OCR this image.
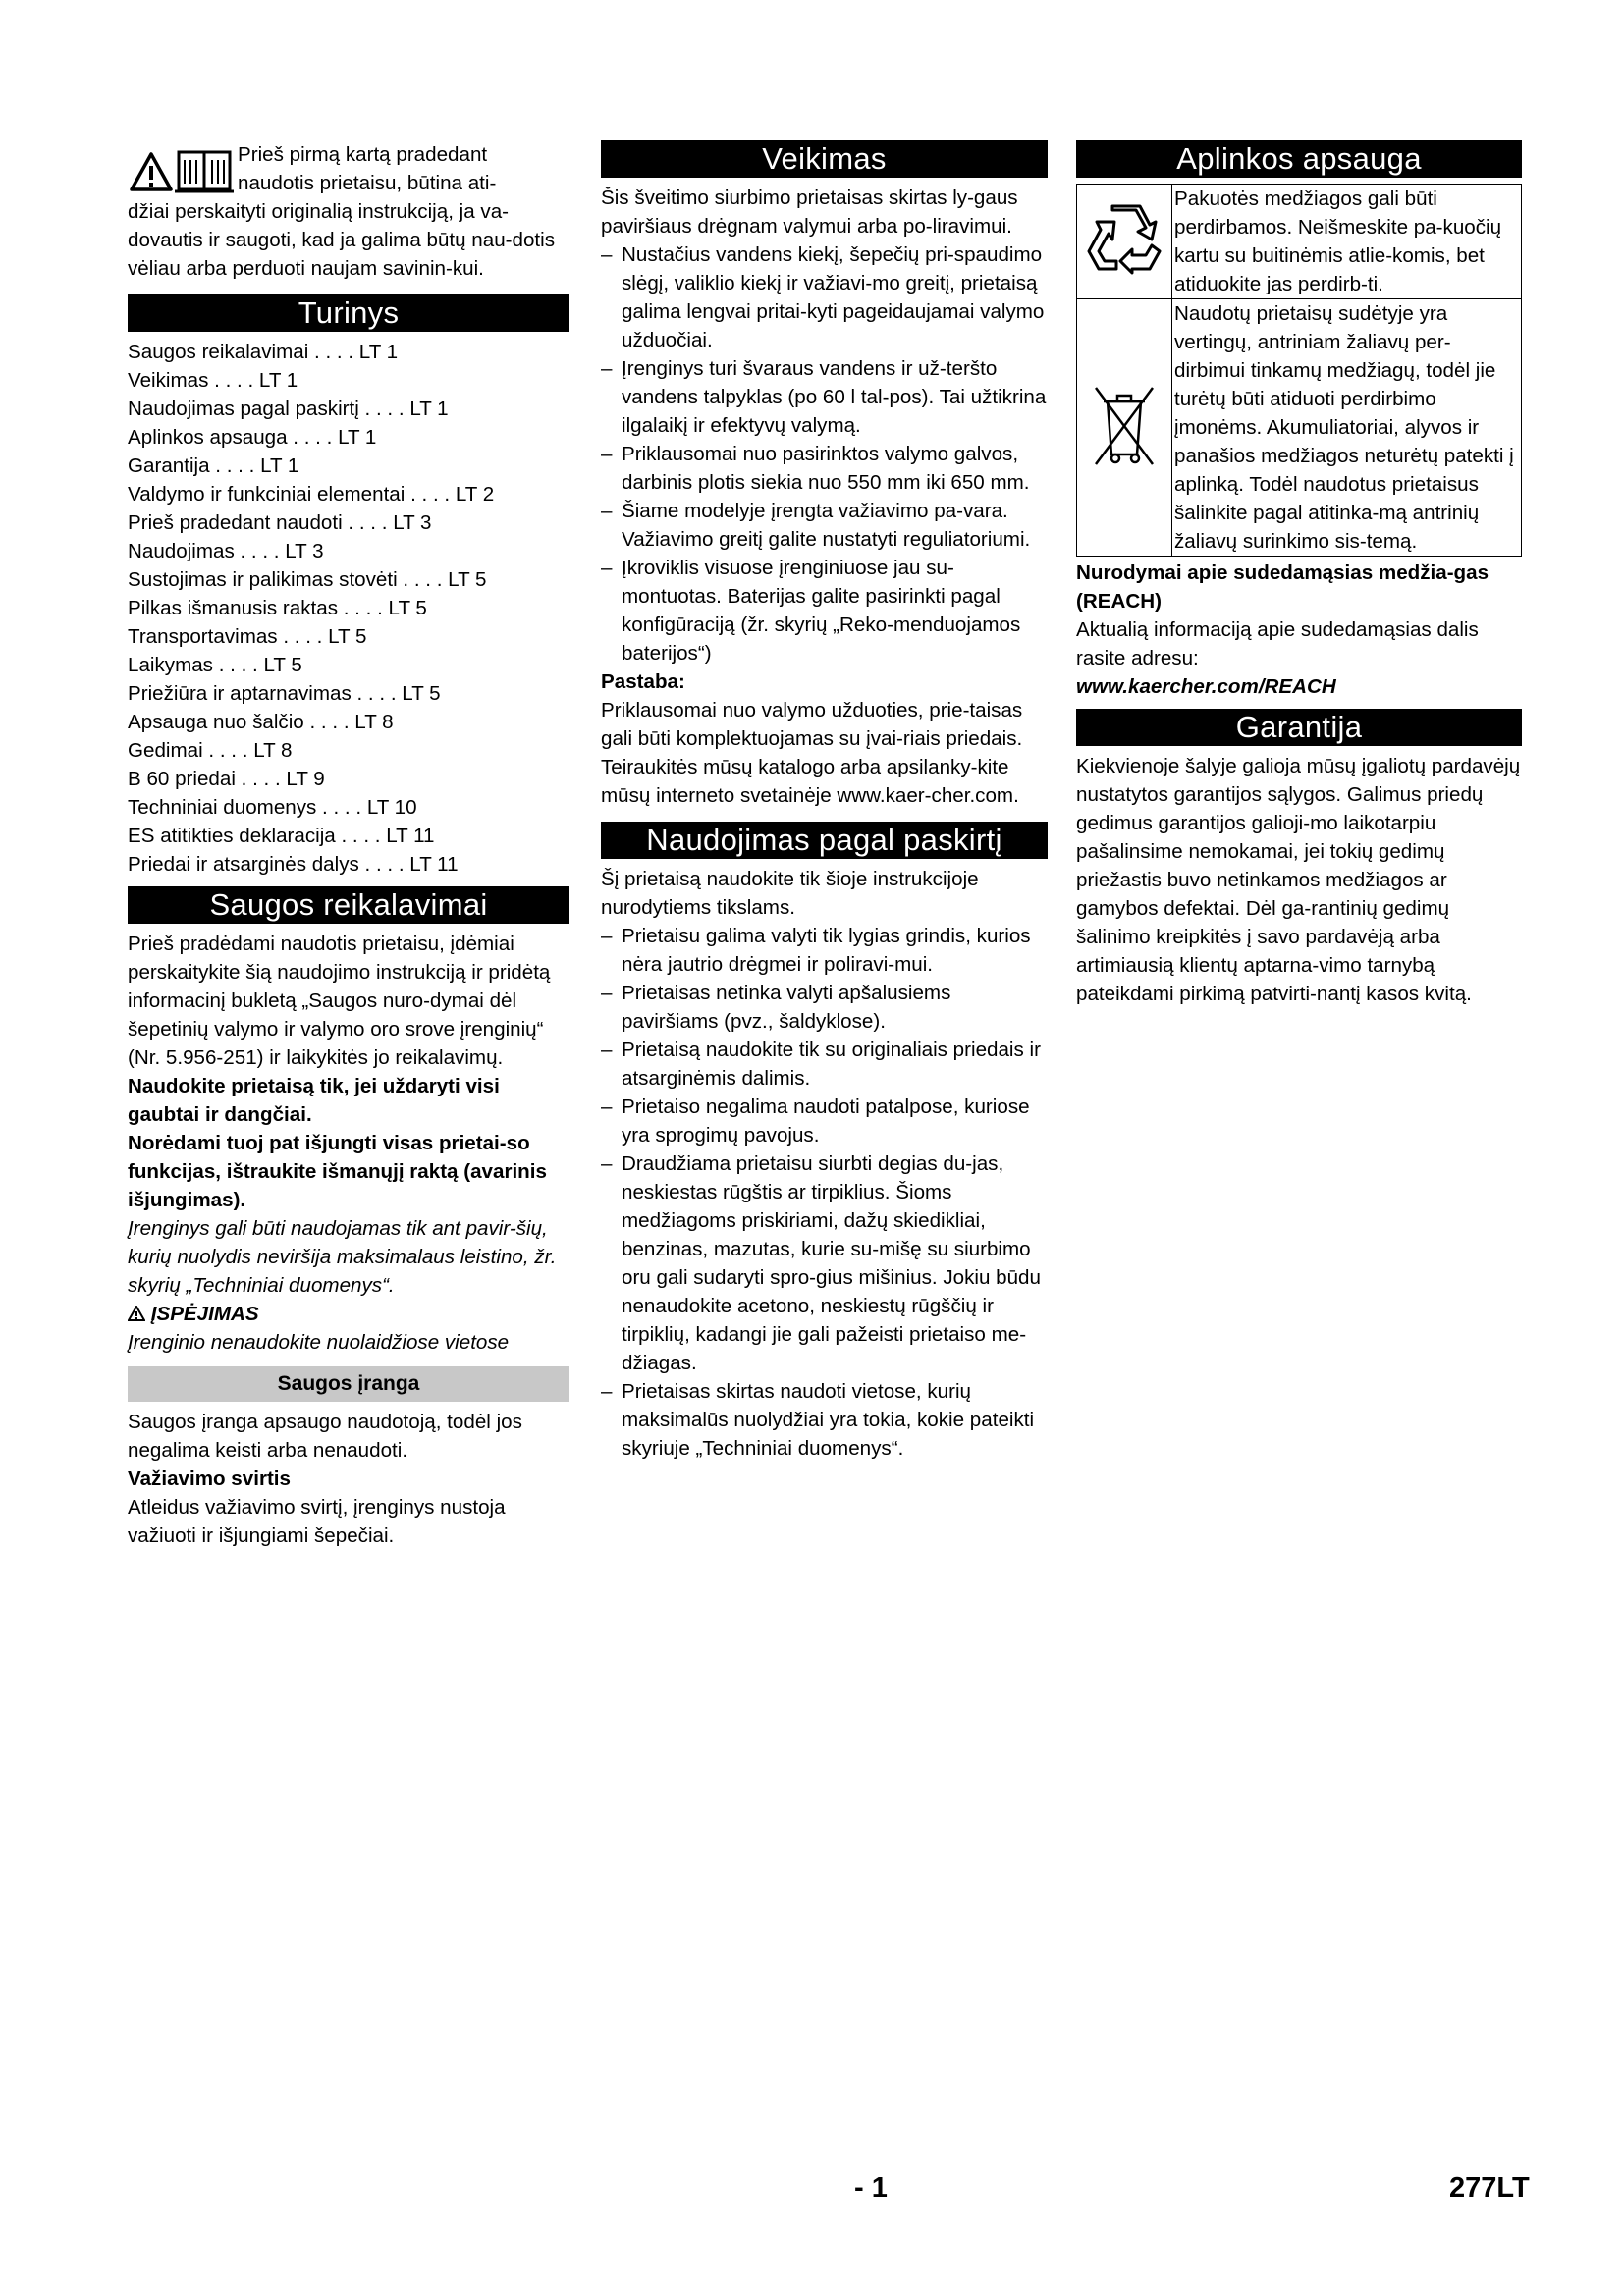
Prieš pirmą kartą pradedant
naudotis prietaisu, būtina ati-
džiai perskaityti originalią instrukciją, ja va-dovautis ir saugoti, kad ja galima būtų nau-dotis vėliau arba perduoti naujam savinin-kui.
Turinys
Saugos reikalavimai . . . . LT 1
Veikimas . . . . LT 1
Naudojimas pagal paskirtį . . . . LT 1
Aplinkos apsauga . . . . LT 1
Garantija . . . . LT 1
Valdymo ir funkciniai elementai . . . . LT 2
Prieš pradedant naudoti . . . . LT 3
Naudojimas . . . . LT 3
Sustojimas ir palikimas stovėti . . . . LT 5
Pilkas išmanusis raktas . . . . LT 5
Transportavimas . . . . LT 5
Laikymas . . . . LT 5
Priežiūra ir aptarnavimas . . . . LT 5
Apsauga nuo šalčio . . . . LT 8
Gedimai . . . . LT 8
B 60 priedai . . . . LT 9
Techniniai duomenys . . . . LT 10
ES atitikties deklaracija . . . . LT 11
Priedai ir atsarginės dalys . . . . LT 11
Saugos reikalavimai

Prieš pradėdami naudotis prietaisu, įdėmiai perskaitykite šią naudojimo instrukciją ir pridėtą informacinį bukletą „Saugos nuro-dymai dėl šepetinių valymo ir valymo oro srove įrenginių“ (Nr. 5.956-251) ir laikykitės jo reikalavimų.

Naudokite prietaisą tik, jei uždaryti visi gaubtai ir dangčiai.

Norėdami tuoj pat išjungti visas prietai-so funkcijas, ištraukite išmanųjį raktą (avarinis išjungimas).

Įrenginys gali būti naudojamas tik ant pavir-šių, kurių nuolydis neviršija maksimalaus leistino, žr. skyrių „Techniniai duomenys“.

ĮSPĖJIMAS

Įrenginio nenaudokite nuolaidžiose vietose

Saugos įranga

Saugos įranga apsaugo naudotoją, todėl jos negalima keisti arba nenaudoti.

Važiavimo svirtis

Atleidus važiavimo svirtį, įrenginys nustoja važiuoti ir išjungiami šepečiai.

Veikimas

Šis šveitimo siurbimo prietaisas skirtas ly-gaus paviršiaus drėgnam valymui arba po-liravimui.

– Nustačius vandens kiekį, šepečių pri-spaudimo slėgį, valiklio kiekį ir važiavi-mo greitį, prietaisą galima lengvai pritai-kyti pageidaujamai valymo užduočiai.
– Įrenginys turi švaraus vandens ir už-teršto vandens talpyklas (po 60 l tal-pos). Tai užtikrina ilgalaikį ir efektyvų valymą.
– Priklausomai nuo pasirinktos valymo galvos, darbinis plotis siekia nuo 550 mm iki 650 mm.
– Šiame modelyje įrengta važiavimo pa-vara. Važiavimo greitį galite nustatyti reguliatoriumi.
– Įkroviklis visuose įrenginiuose jau su-montuotas. Baterijas galite pasirinkti pagal konfigūraciją (žr. skyrių „Reko-menduojamos baterijos“)

Pastaba:

Priklausomai nuo valymo užduoties, prie-taisas gali būti komplektuojamas su įvai-riais priedais.

Teiraukitės mūsų katalogo arba apsilanky-kite mūsų interneto svetainėje www.kaer-cher.com.

Naudojimas pagal paskirtį

Šį prietaisą naudokite tik šioje instrukcijoje nurodytiems tikslams.

– Prietaisu galima valyti tik lygias grindis, kurios nėra jautrio drėgmei ir poliravi-mui.
– Prietaisas netinka valyti apšalusiems paviršiams (pvz., šaldyklose).
– Prietaisą naudokite tik su originaliais priedais ir atsarginėmis dalimis.
– Prietaiso negalima naudoti patalpose, kuriose yra sprogimų pavojus.
– Draudžiama prietaisu siurbti degias du-jas, neskiestas rūgštis ar tirpiklius. Šioms medžiagoms priskiriami, dažų skiedikliai, benzinas, mazutas, kurie su-mišę su siurbimo oru gali sudaryti spro-gius mišinius. Jokiu būdu nenaudokite acetono, neskiestų rūgščių ir tirpiklių, kadangi jie gali pažeisti prietaiso me-džiagas.
– Prietaisas skirtas naudoti vietose, kurių maksimalūs nuolydžiai yra tokia, kokie pateikti skyriuje „Techniniai duomenys“.
Aplinkos apsauga
	Pakuotės medžiagos gali būti perdirbamos. Neišmeskite pa-kuočių kartu su buitinėmis atlie-komis, bet atiduokite jas perdirb-ti.
	Naudotų prietaisų sudėtyje yra vertingų, antriniam žaliavų per-dirbimui tinkamų medžiagų, todėl jie turėtų būti atiduoti perdirbimo įmonėms. Akumuliatoriai, alyvos ir panašios medžiagos neturėtų patekti į aplinką. Todėl naudotus prietaisus šalinkite pagal atitinka-mą antrinių žaliavų surinkimo sis-temą.

Nurodymai apie sudedamąsias medžia-gas (REACH)

Aktualią informaciją apie sudedamąsias dalis rasite adresu:

www.kaercher.com/REACH

Garantija

Kiekvienoje šalyje galioja mūsų įgaliotų pardavėjų nustatytos garantijos sąlygos. Galimus priedų gedimus garantijos galioji-mo laikotarpiu pašalinsime nemokamai, jei tokių gedimų priežastis buvo netinkamos medžiagos ar gamybos defektai. Dėl ga-rantinių gedimų šalinimo kreipkitės į savo pardavėją arba artimiausią klientų aptarna-vimo tarnybą pateikdami pirkimą patvirti-nantį kasos kvitą.

- 1	277LT
